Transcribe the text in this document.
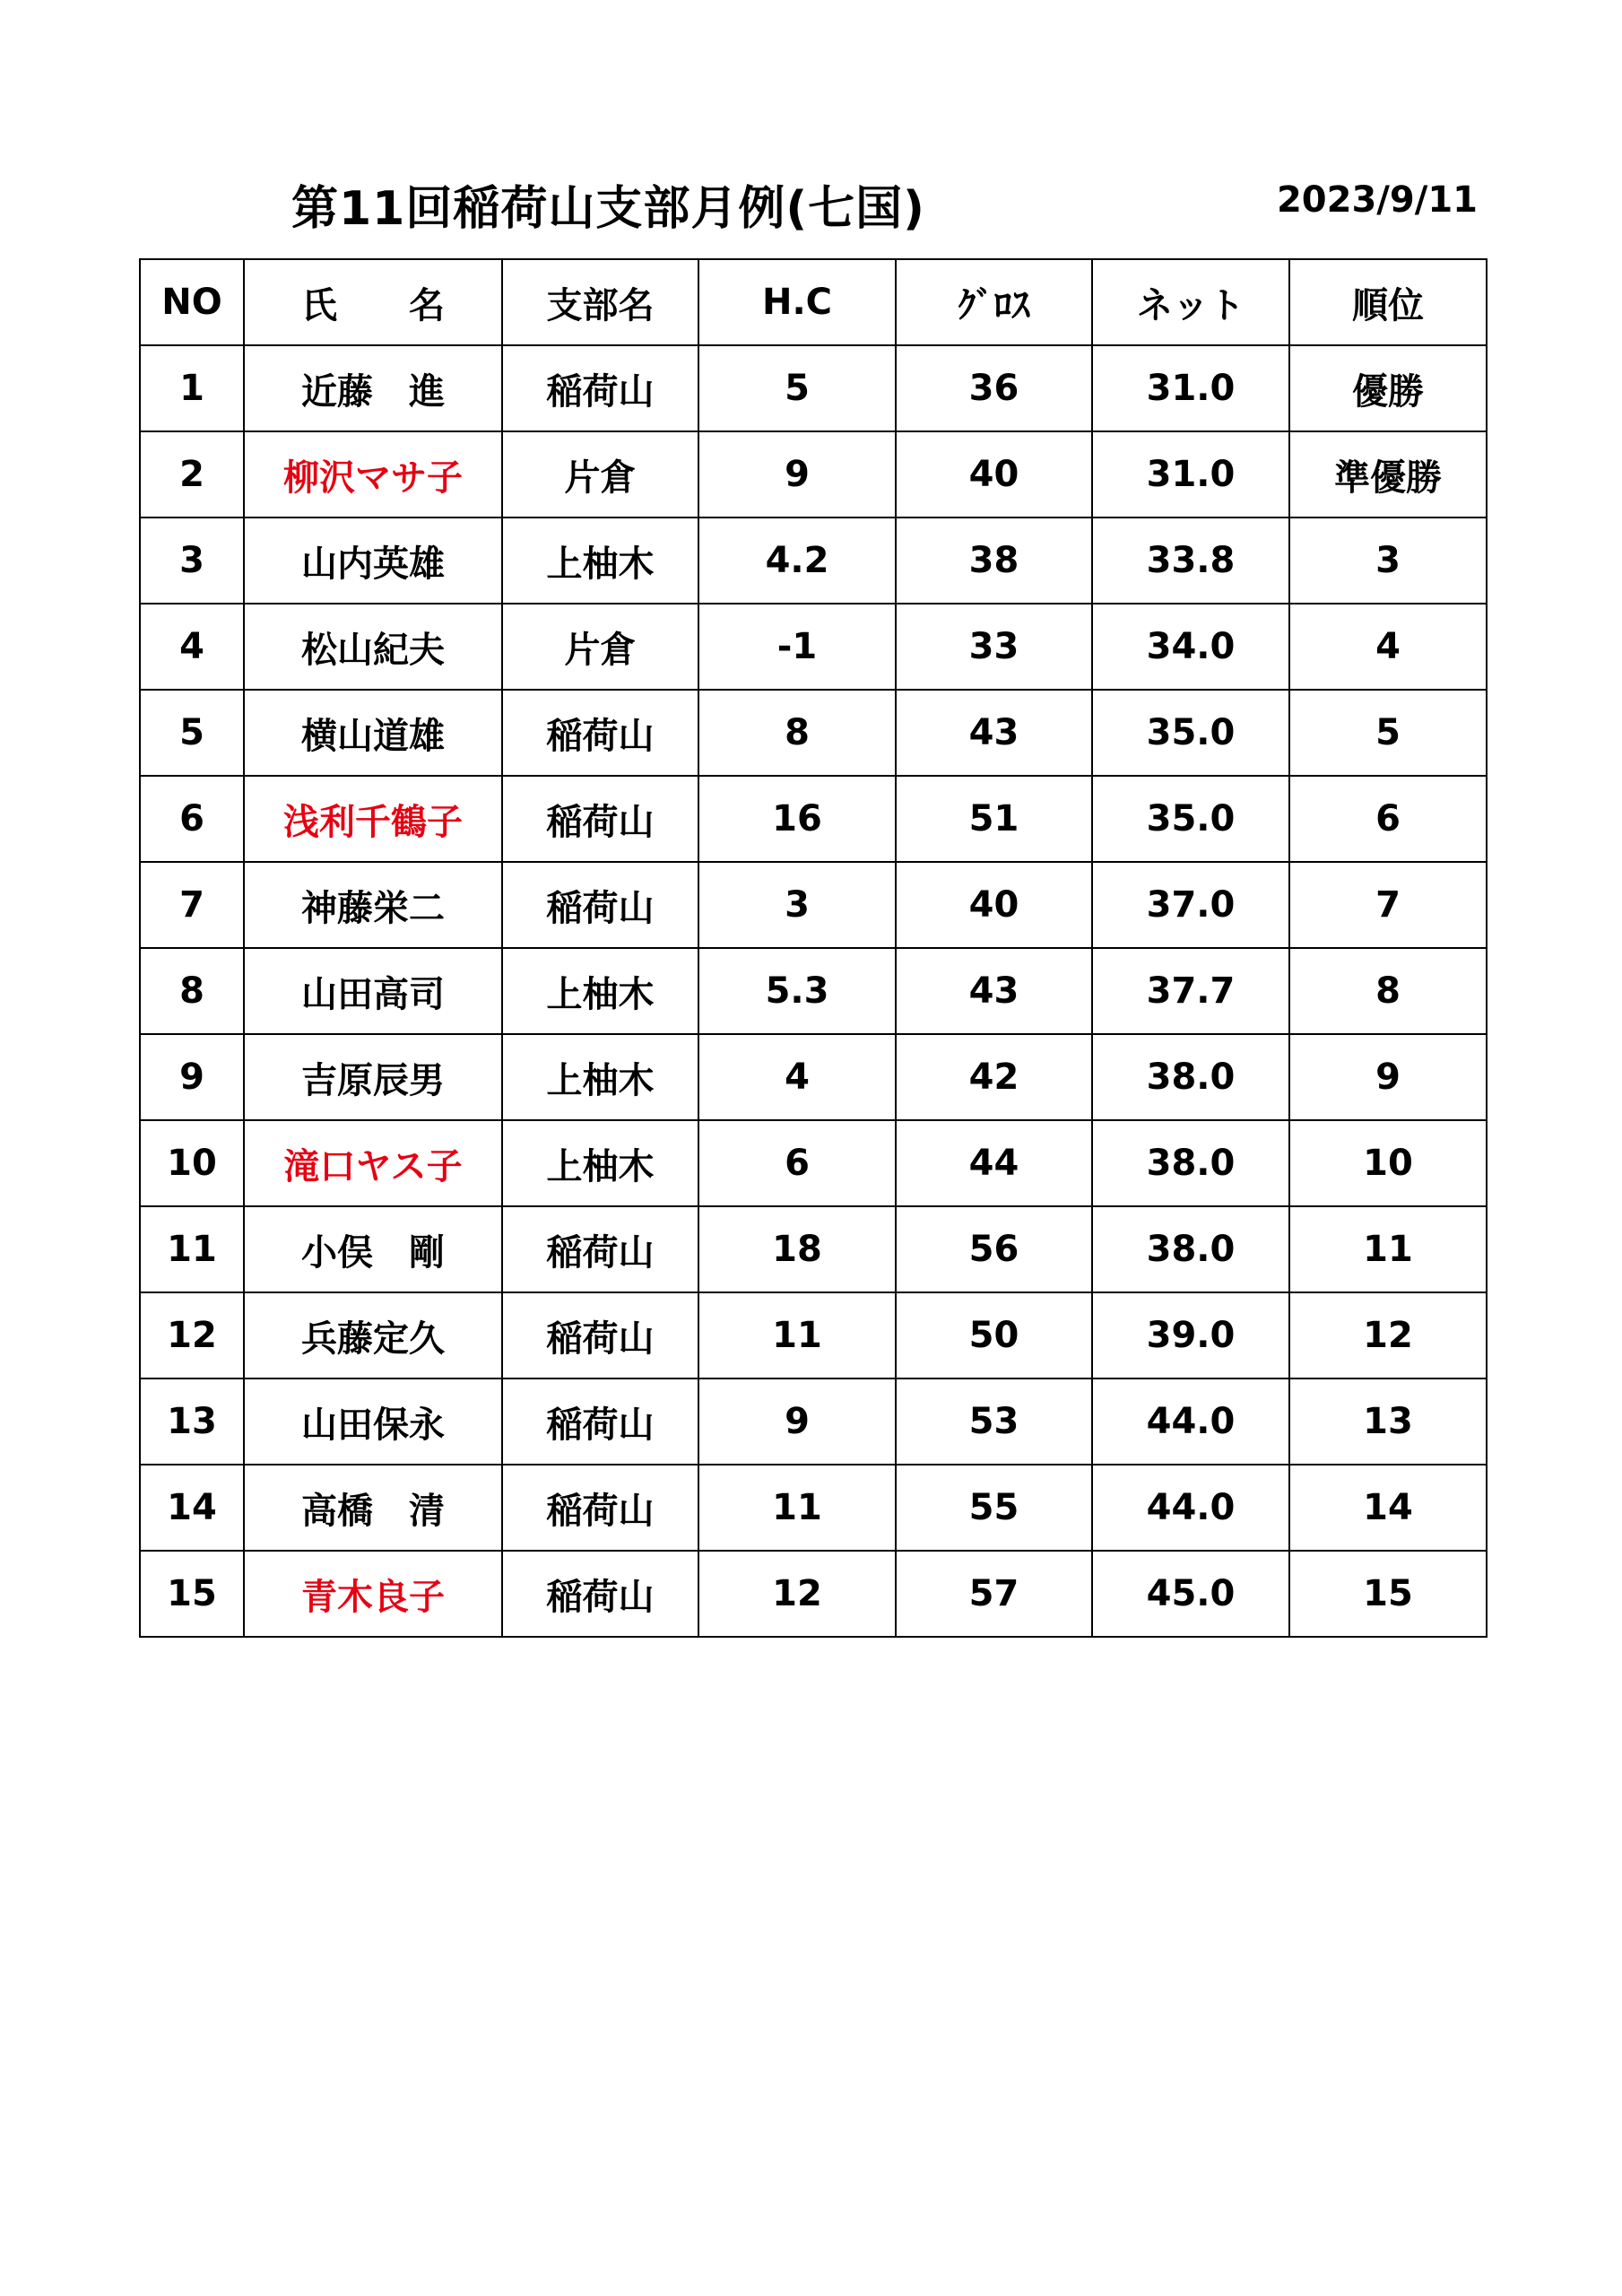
第11回稲荷山支部月例(七国)	2023/9/11
NO	氏　　名	支部名	H.C	ｸﾞﾛｽ	ネット	順位
1	近藤　進	稲荷山	5	36	31.0	優勝
2	柳沢マサ子	片倉	9	40	31.0	準優勝
3	山内英雄	上柚木	4.2	38	33.8	3
4	松山紀夫	片倉	-1	33	34.0	4
5	横山道雄	稲荷山	8	43	35.0	5
6	浅利千鶴子	稲荷山	16	51	35.0	6
7	神藤栄二	稲荷山	3	40	37.0	7
8	山田高司	上柚木	5.3	43	37.7	8
9	吉原辰男	上柚木	4	42	38.0	9
10	滝口ヤス子	上柚木	6	44	38.0	10
11	小俣　剛	稲荷山	18	56	38.0	11
12	兵藤定久	稲荷山	11	50	39.0	12
13	山田保永	稲荷山	9	53	44.0	13
14	高橋　清	稲荷山	11	55	44.0	14
15	青木良子	稲荷山	12	57	45.0	15
